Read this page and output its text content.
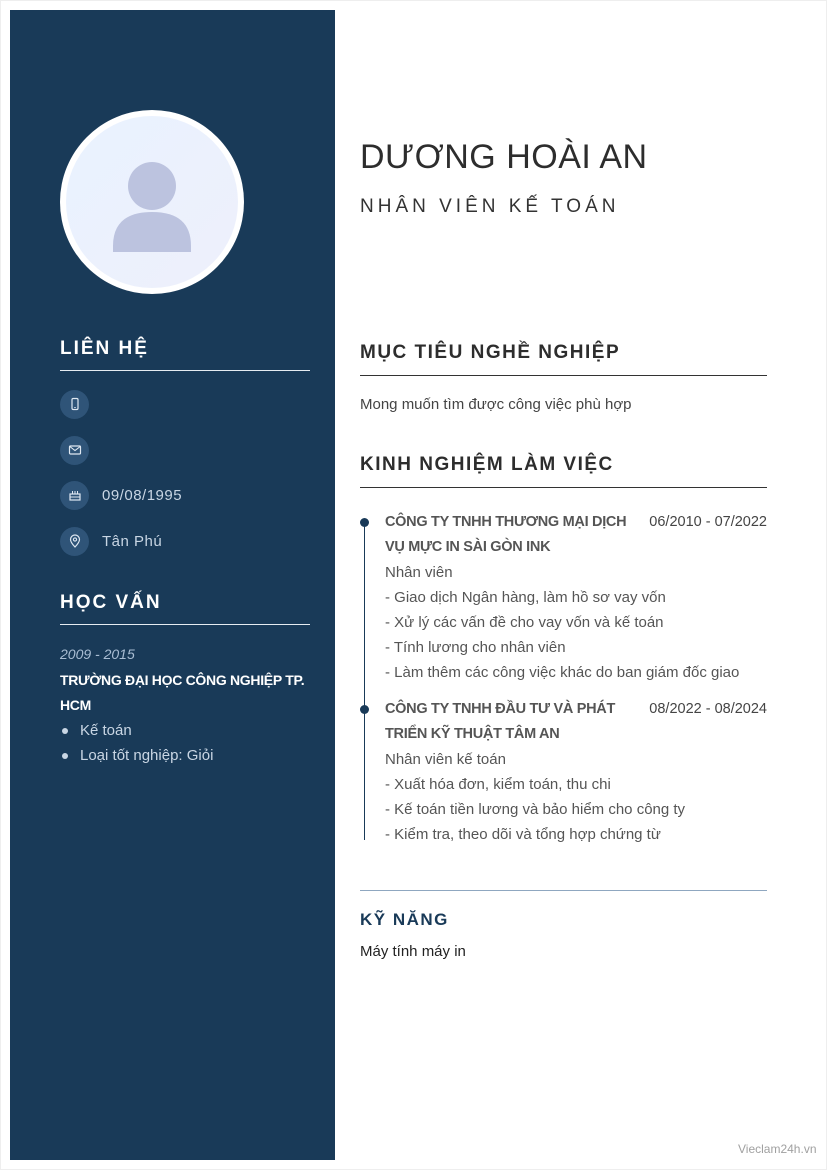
LIÊN HỆ
09/08/1995
Tân Phú
HỌC VẤN
2009 - 2015
TRƯỜNG ĐẠI HỌC CÔNG NGHIỆP TP. HCM
Kế toán
Loại tốt nghiệp: Giỏi
DƯƠNG HOÀI AN
NHÂN VIÊN KẾ TOÁN
MỤC TIÊU NGHỀ NGHIỆP
Mong muốn tìm được công việc phù hợp
KINH NGHIỆM LÀM VIỆC
CÔNG TY TNHH THƯƠNG MẠI DỊCH VỤ MỰC IN SÀI GÒN INK
06/2010 - 07/2022
Nhân viên
- Giao dịch Ngân hàng, làm hồ sơ vay vốn
- Xử lý các vấn đề cho vay vốn và kế toán
- Tính lương cho nhân viên
- Làm thêm các công việc khác do ban giám đốc giao
CÔNG TY TNHH ĐẦU TƯ VÀ PHÁT TRIỂN KỸ THUẬT TÂM AN
08/2022 - 08/2024
Nhân viên kế toán
- Xuất hóa đơn, kiểm toán, thu chi
- Kế toán tiền lương và bảo hiểm cho công ty
- Kiểm tra, theo dõi và tổng hợp chứng từ
KỸ NĂNG
Máy tính máy in
Vieclam24h.vn
